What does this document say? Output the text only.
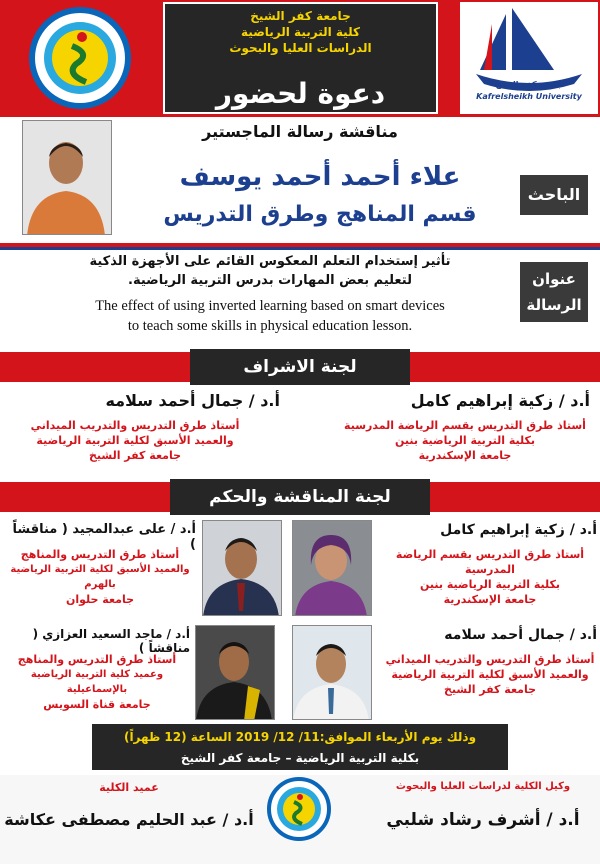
جامعة كفر الشيخ
كلية التربية الرياضية
الدراسات العليا والبحوث
دعوة لحضور	جامعة كفر الشيخ
Kafrelsheikh University
مناقشة رسالة الماجستير
علاء أحمد أحمد يوسف
قسم المناهج وطرق التدريس
الباحث
تأثير إستخدام التعلم المعكوس القائم على الأجهزة الذكية
لتعليم بعض المهارات بدرس التربية الرياضية.
The effect of using inverted learning based on smart devices
to teach some skills in physical education lesson.
عنوان
الرسالة
لجنة الاشراف
أ.د / زكية إبراهيم كامل
أستاذ طرق التدريس بقسم الرياضة المدرسية
بكلية التربية الرياضية بنين
جامعة الإسكندرية
أ.د / جمال أحمد سلامه
أستاذ طرق التدريس والتدريب الميداني
والعميد الأسبق لكلية التربية الرياضية
جامعة كفر الشيخ
لجنة المناقشة والحكم
أ.د / زكية إبراهيم كامل
أستاذ طرق التدريس بقسم الرياضة المدرسية
بكلية التربية الرياضية بنين
جامعة الإسكندرية
أ.د / على عبدالمجيد ( مناقشاً )
أستاذ طرق التدريس والمناهج
والعميد الأسبق لكلية التربية الرياضية بالهرم
جامعة حلوان
أ.د / جمال أحمد سلامه
أستاذ طرق التدريس والتدريب الميداني
والعميد الأسبق لكلية التربية الرياضية
جامعة كفر الشيخ
أ.د / ماجد السعيد العزازي ( مناقشاً )
أستاذ طرق التدريس والمناهج
وعميد كلية التربية الرياضية بالإسماعيلية
جامعة قناة السويس
وذلك يوم الأربعاء الموافق:11/ 12/ 2019 الساعة (12 ظهراً)
بكلية التربية الرياضية – جامعة كفر الشيخ
وكيل الكلية لدراسات العليا والبحوث
أ.د / أشرف رشاد شلبي
عميد الكلية
أ.د / عبد الحليم مصطفى عكاشة
